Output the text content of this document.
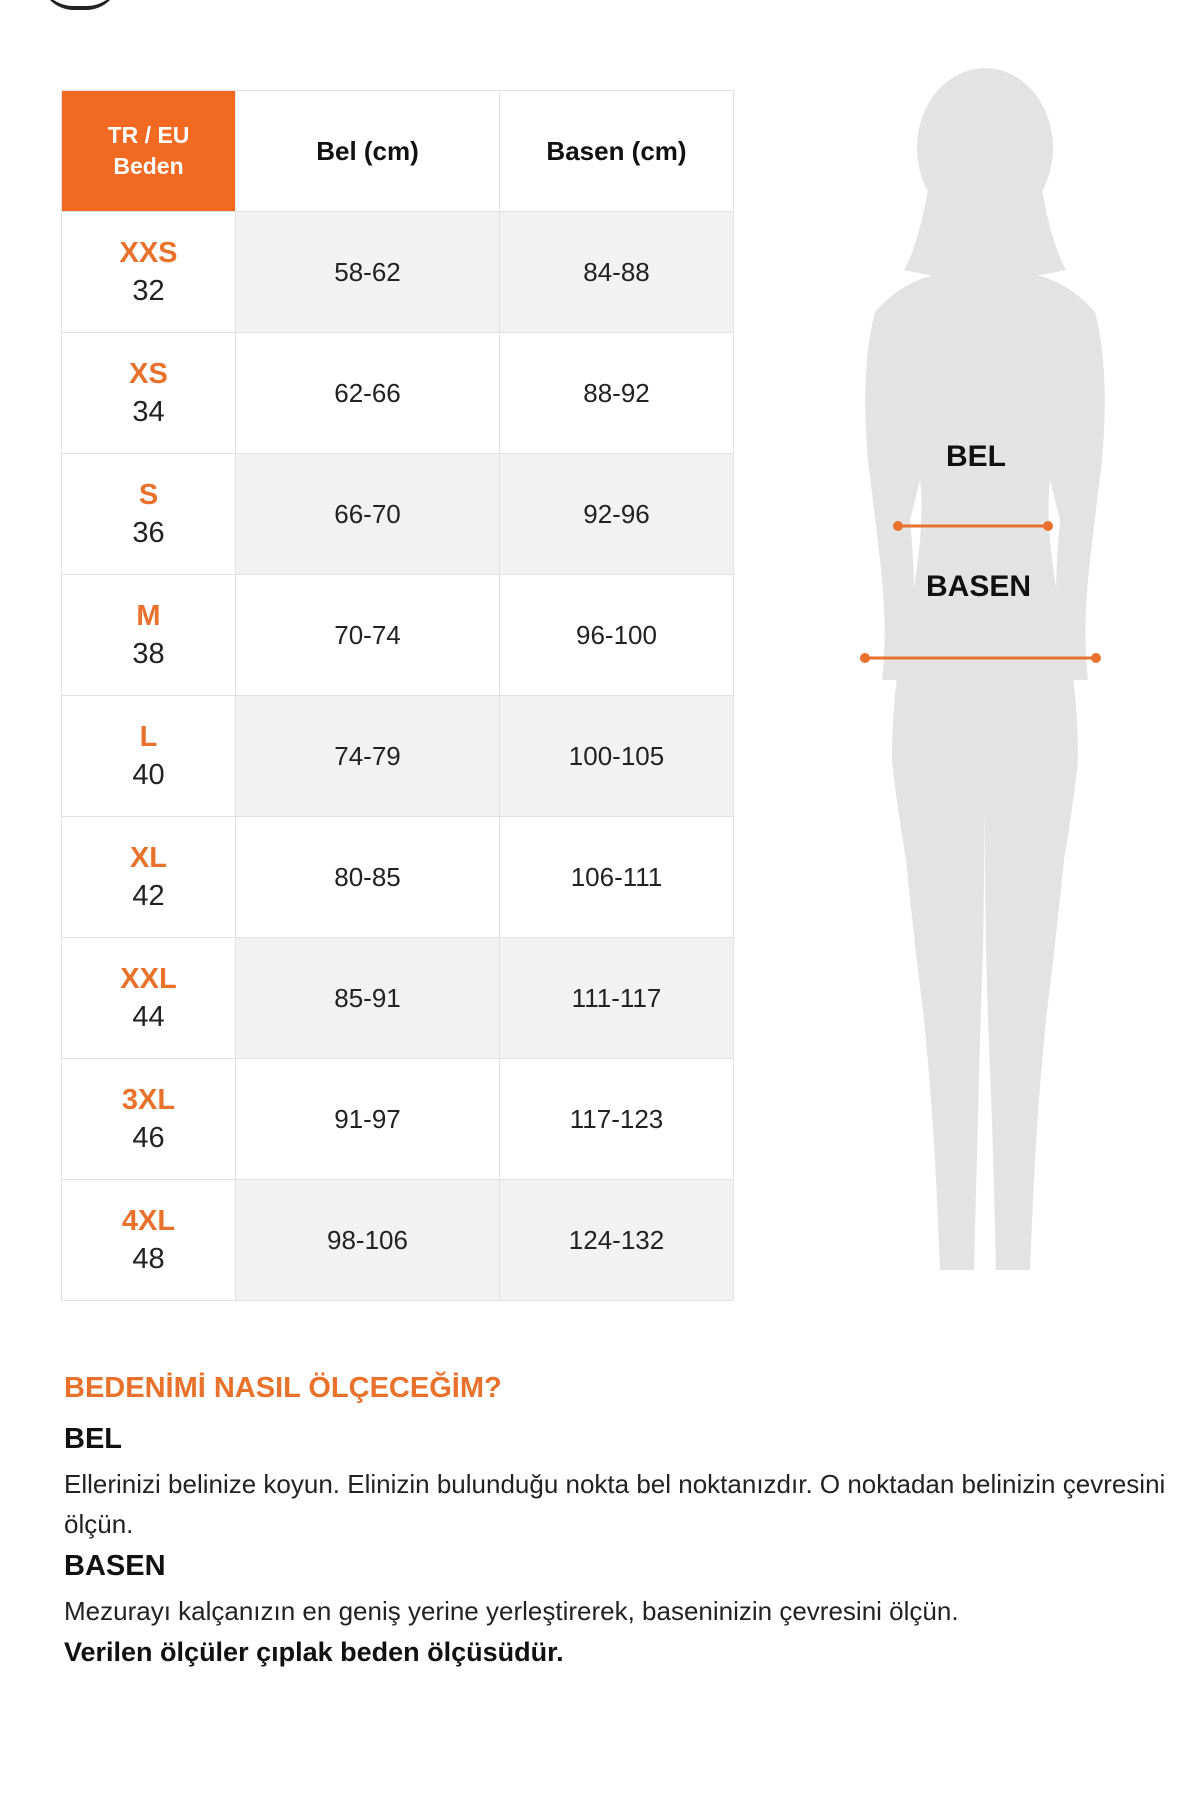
TR / EU
Beden	Bel (cm)	Basen (cm)

XXS
32	58-62	84-88

XS
34	62-66	88-92

S
36	66-70	92-96

M
38	70-74	96-100

L
40	74-79	100-105

XL
42	80-85	106-111

XXL
44	85-91	111-117

3XL
46	91-97	117-123

4XL
48	98-106	124-132

BEL

BASEN

BEDENİMİ NASIL ÖLÇECEĞİM?

BEL

Ellerinizi belinize koyun. Elinizin bulunduğu nokta bel noktanızdır. O noktadan belinizin çevresini ölçün.

BASEN

Mezurayı kalçanızın en geniş yerine yerleştirerek, baseninizin çevresini ölçün.

Verilen ölçüler çıplak beden ölçüsüdür.
